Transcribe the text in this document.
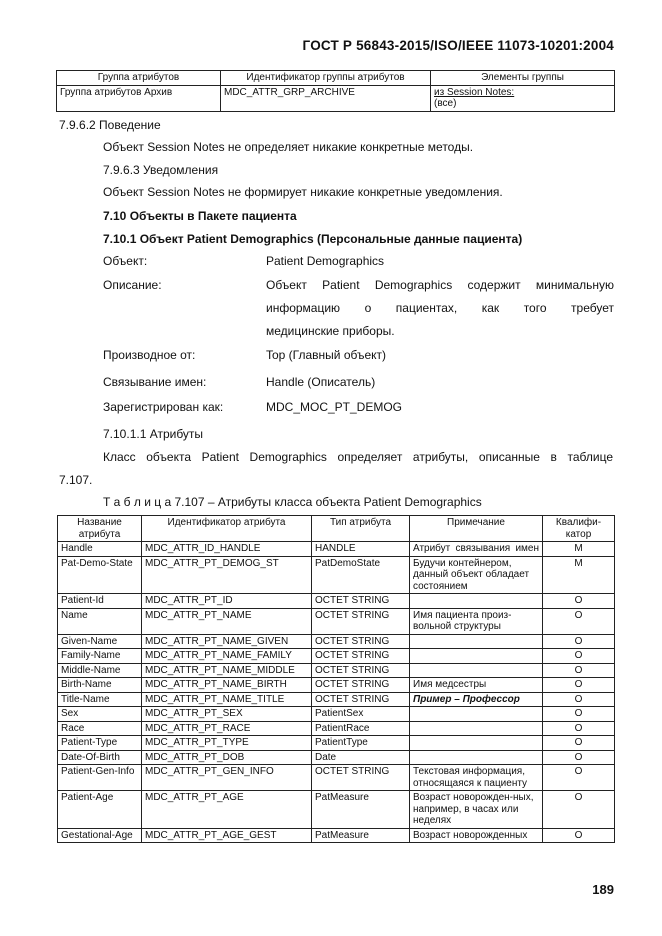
ГОСТ Р 56843-2015/ISO/IEEE 11073-10201:2004
Группа атрибутов	Идентификатор группы атрибутов	Элементы группы
Группа атрибутов Архив	MDC_ATTR_GRP_ARCHIVE	из Session Notes:
(все)
7.9.6.2 Поведение
Объект Session Notes не определяет никакие конкретные методы.
7.9.6.3 Уведомления
Объект Session Notes не формирует никакие конкретные уведомления.
7.10 Объекты в Пакете пациента
7.10.1 Объект Patient Demographics (Персональные данные пациента)
Объект:	Patient Demographics
Описание:	Объект Patient Demographics содержит минимальную
информацию о пациентах, как того требует
медицинские приборы.
Производное от:	Top (Главный объект)
Связывание имен:	Handle (Описатель)
Зарегистрирован как:	MDC_MOC_PT_DEMOG
7.10.1.1 Атрибуты
Класс объекта Patient Demographics определяет атрибуты, описанные в таблице
7.107.
Т а б л и ц а 7.107 – Атрибуты класса объекта Patient Demographics
Название атрибута	Идентификатор атрибута	Тип атрибута	Примечание	Квалифи-катор
Handle	MDC_ATTR_ID_HANDLE	HANDLE	Атрибут связывания имен	M
Pat-Demo-State	MDC_ATTR_PT_DEMOG_ST	PatDemoState	Будучи контейнером, данный объект обладает состоянием	M
Patient-Id	MDC_ATTR_PT_ID	OCTET STRING		O
Name	MDC_ATTR_PT_NAME	OCTET STRING	Имя пациента произ-вольной структуры	O
Given-Name	MDC_ATTR_PT_NAME_GIVEN	OCTET STRING		O
Family-Name	MDC_ATTR_PT_NAME_FAMILY	OCTET STRING		O
Middle-Name	MDC_ATTR_PT_NAME_MIDDLE	OCTET STRING		O
Birth-Name	MDC_ATTR_PT_NAME_BIRTH	OCTET STRING	Имя медсестры	O
Title-Name	MDC_ATTR_PT_NAME_TITLE	OCTET STRING	Пример – Профессор	O
Sex	MDC_ATTR_PT_SEX	PatientSex		O
Race	MDC_ATTR_PT_RACE	PatientRace		O
Patient-Type	MDC_ATTR_PT_TYPE	PatientType		O
Date-Of-Birth	MDC_ATTR_PT_DOB	Date		O
Patient-Gen-Info	MDC_ATTR_PT_GEN_INFO	OCTET STRING	Текстовая информация, относящаяся к пациенту	O
Patient-Age	MDC_ATTR_PT_AGE	PatMeasure	Возраст новорожден-ных, например, в часах или неделях	O
Gestational-Age	MDC_ATTR_PT_AGE_GEST	PatMeasure	Возраст новорожденных	O
189
